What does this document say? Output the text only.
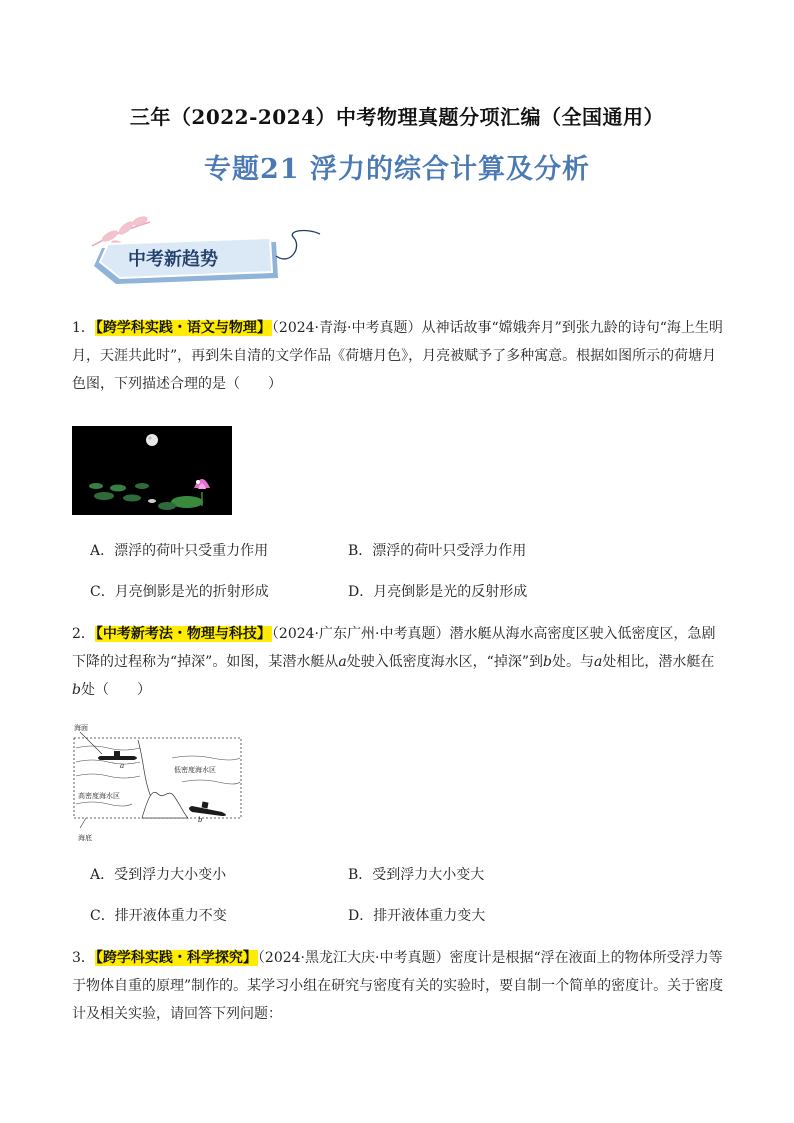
三年（2022-2024）中考物理真题分项汇编（全国通用）
专题21 浮力的综合计算及分析
中考新趋势
1．【跨学科实践・语文与物理】（2024·青海·中考真题）从神话故事“嫦娥奔月”到张九龄的诗句“海上生明
月，天涯共此时”，再到朱自清的文学作品《荷塘月色》，月亮被赋予了多种寓意。根据如图所示的荷塘月
色图，下列描述合理的是（　　）
A．漂浮的荷叶只受重力作用	B．漂浮的荷叶只受浮力作用
C．月亮倒影是光的折射形成	D．月亮倒影是光的反射形成
2．【中考新考法・物理与科技】（2024·广东广州·中考真题）潜水艇从海水高密度区驶入低密度区，急剧
下降的过程称为“掉深”。如图，某潜水艇从a处驶入低密度海水区，“掉深”到b处。与a处相比，潜水艇在
b处（　　）
海面
低密度海水区
高密度海水区
海底
a
b
A．受到浮力大小变小	B．受到浮力大小变大
C．排开液体重力不变	D．排开液体重力变大
3．【跨学科实践・科学探究】（2024·黑龙江大庆·中考真题）密度计是根据“浮在液面上的物体所受浮力等
于物体自重的原理”制作的。某学习小组在研究与密度有关的实验时，要自制一个简单的密度计。关于密度
计及相关实验，请回答下列问题：
